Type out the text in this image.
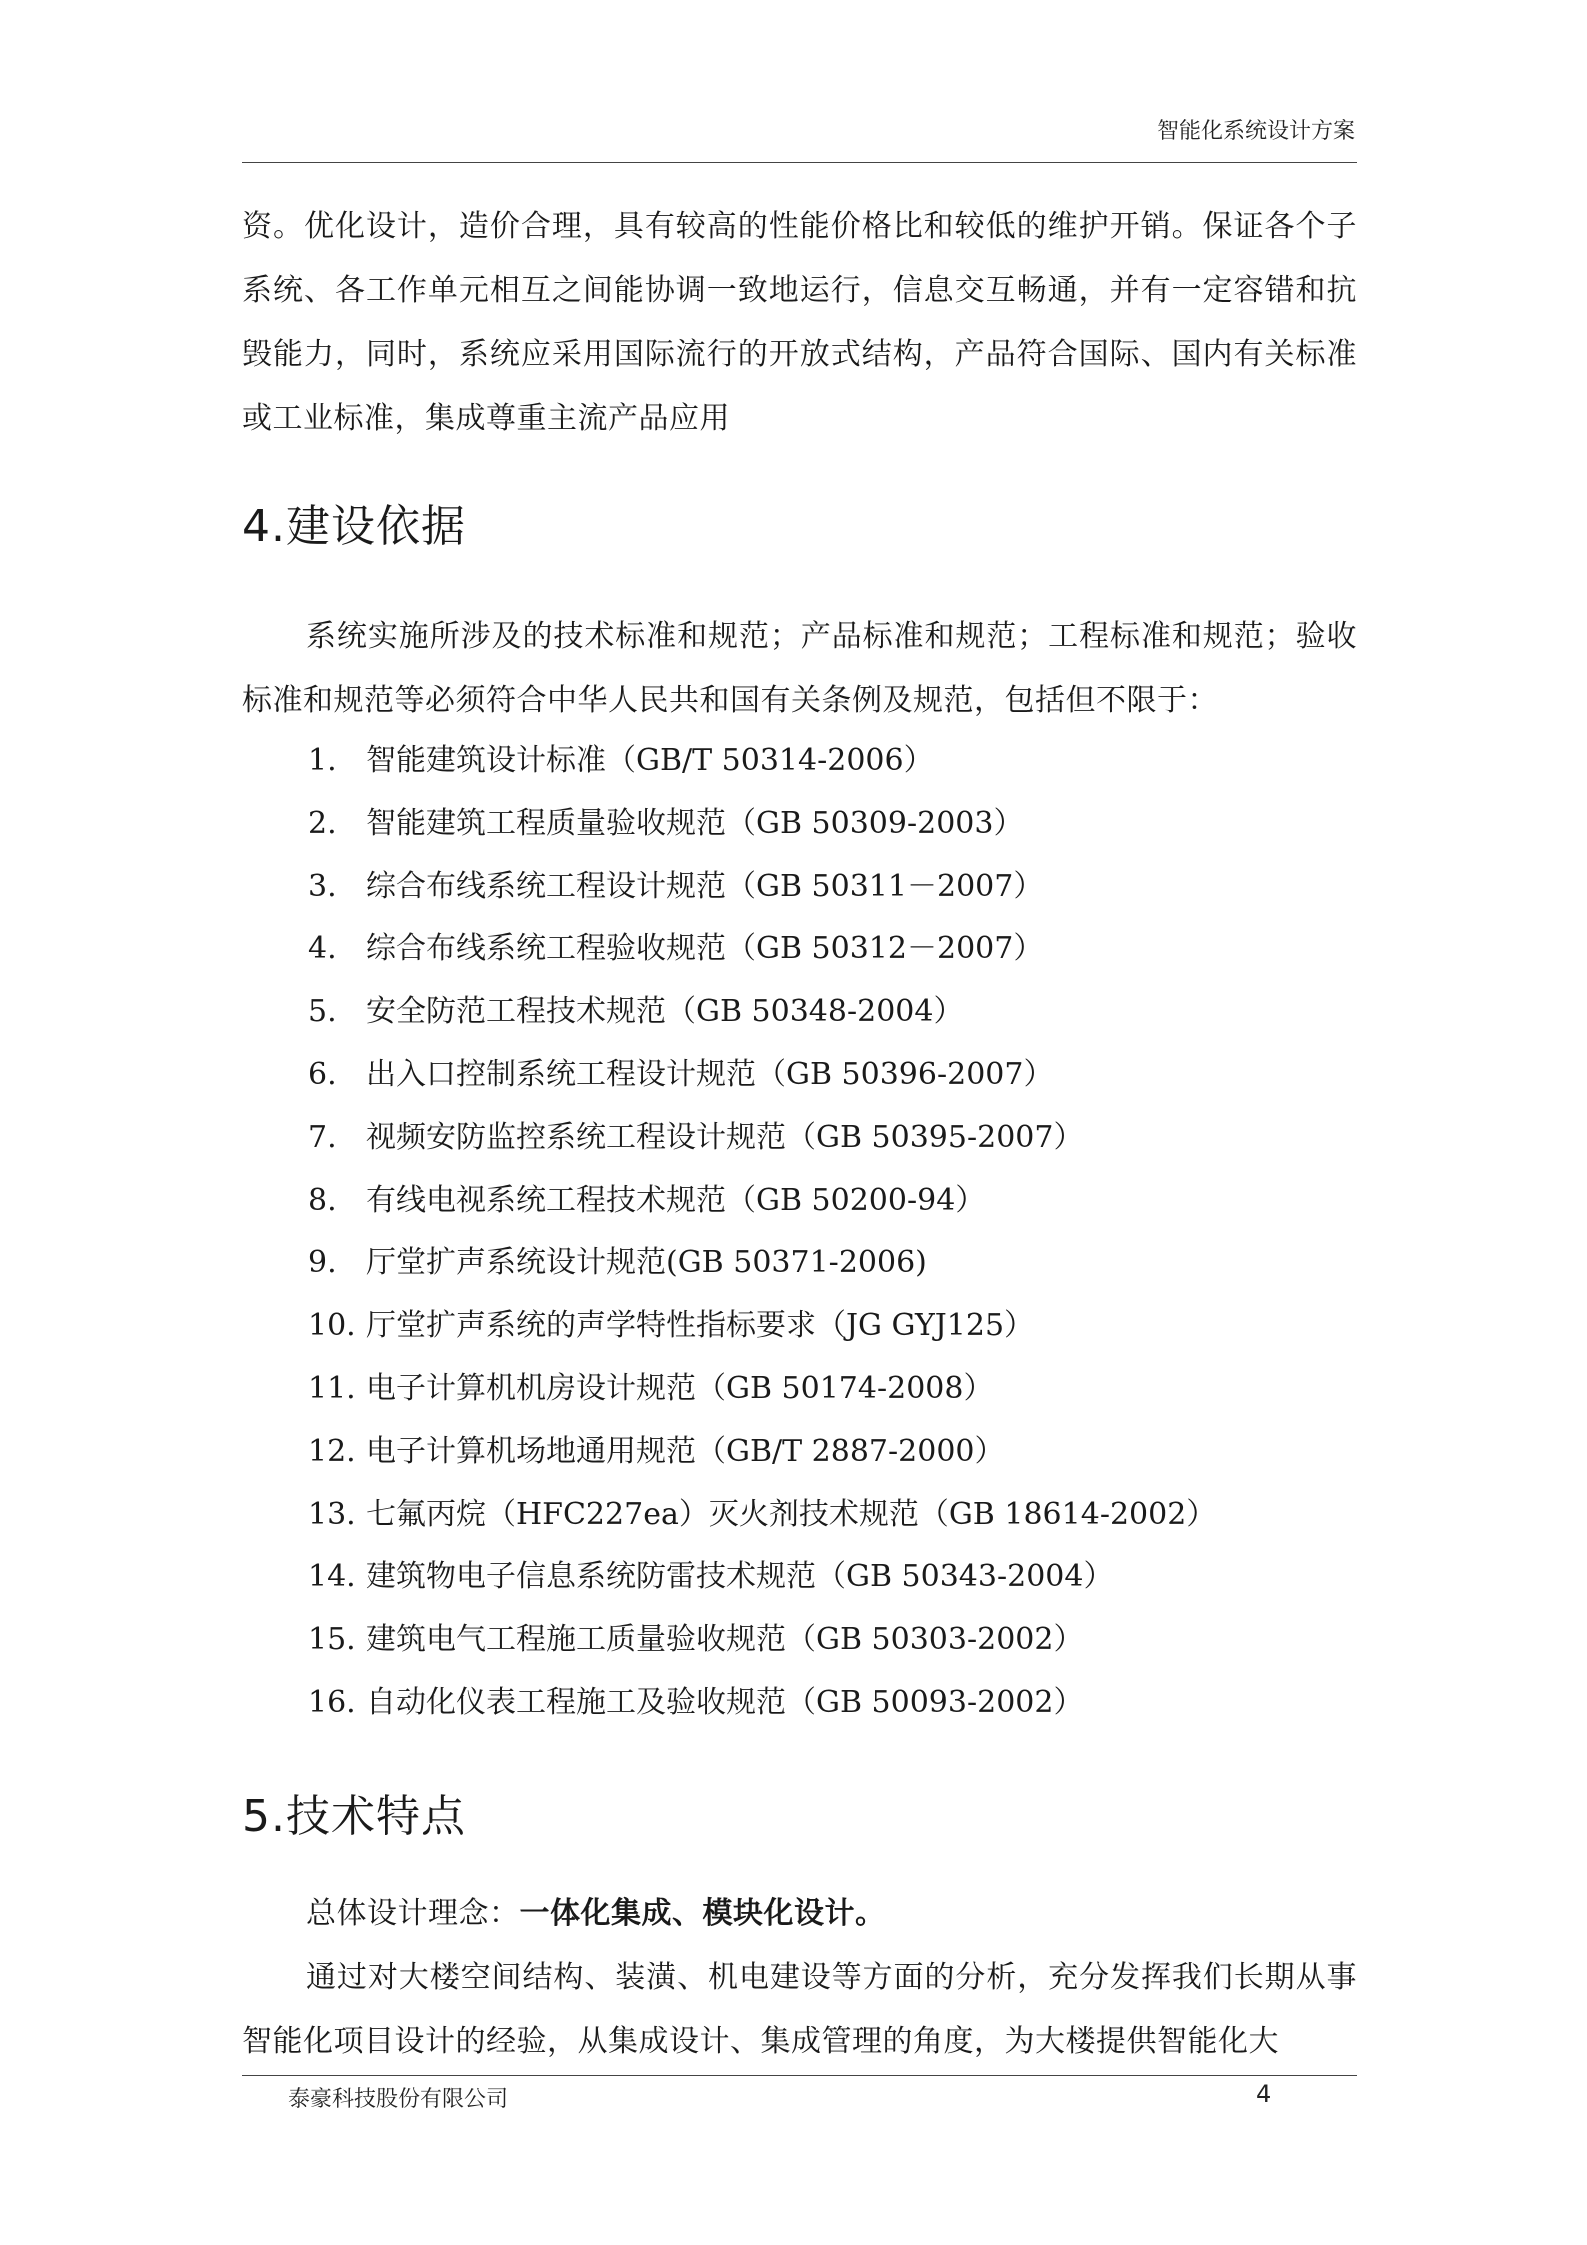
智能化系统设计方案

资。优化设计，造价合理，具有较高的性能价格比和较低的维护开销。保证各个子系统、各工作单元相互之间能协调一致地运行，信息交互畅通，并有一定容错和抗毁能力，同时，系统应采用国际流行的开放式结构，产品符合国际、国内有关标准或工业标准，集成尊重主流产品应用

4.建设依据

系统实施所涉及的技术标准和规范；产品标准和规范；工程标准和规范；验收标准和规范等必须符合中华人民共和国有关条例及规范，包括但不限于：

1. 智能建筑设计标准（GB/T 50314-2006）
2. 智能建筑工程质量验收规范（GB 50309-2003）
3. 综合布线系统工程设计规范（GB 50311－2007）
4. 综合布线系统工程验收规范（GB 50312－2007）
5. 安全防范工程技术规范（GB 50348-2004）
6. 出入口控制系统工程设计规范（GB 50396-2007）
7. 视频安防监控系统工程设计规范（GB 50395-2007）
8. 有线电视系统工程技术规范（GB 50200-94）
9. 厅堂扩声系统设计规范(GB 50371-2006)
10. 厅堂扩声系统的声学特性指标要求（JG GYJ125）
11. 电子计算机机房设计规范（GB 50174-2008）
12. 电子计算机场地通用规范（GB/T 2887-2000）
13. 七氟丙烷（HFC227ea）灭火剂技术规范（GB 18614-2002）
14. 建筑物电子信息系统防雷技术规范（GB 50343-2004）
15. 建筑电气工程施工质量验收规范（GB 50303-2002）
16. 自动化仪表工程施工及验收规范（GB 50093-2002）
5.技术特点

总体设计理念：一体化集成、模块化设计。

通过对大楼空间结构、装潢、机电建设等方面的分析，充分发挥我们长期从事智能化项目设计的经验，从集成设计、集成管理的角度，为大楼提供智能化大

泰豪科技股份有限公司	4
